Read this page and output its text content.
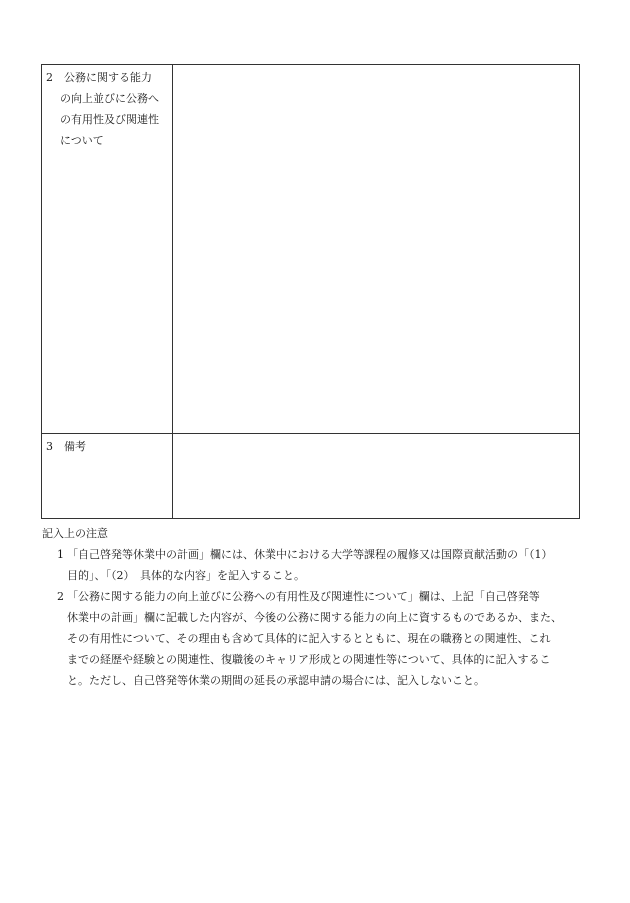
2　公務に関する能力
の向上並びに公務へ
の有用性及び関連性
について	

3　備考	

記入上の注意
1 「自己啓発等休業中の計画」欄には、休業中における大学等課程の履修又は国際貢献活動の「（1）
目的」、「（2）　具体的な内容」を記入すること。
2 「公務に関する能力の向上並びに公務への有用性及び関連性について」欄は、上記「自己啓発等
休業中の計画」欄に記載した内容が、今後の公務に関する能力の向上に資するものであるか、また、
その有用性について、その理由も含めて具体的に記入するとともに、現在の職務との関連性、これ
までの経歴や経験との関連性、復職後のキャリア形成との関連性等について、具体的に記入するこ
と。ただし、自己啓発等休業の期間の延長の承認申請の場合には、記入しないこと。
